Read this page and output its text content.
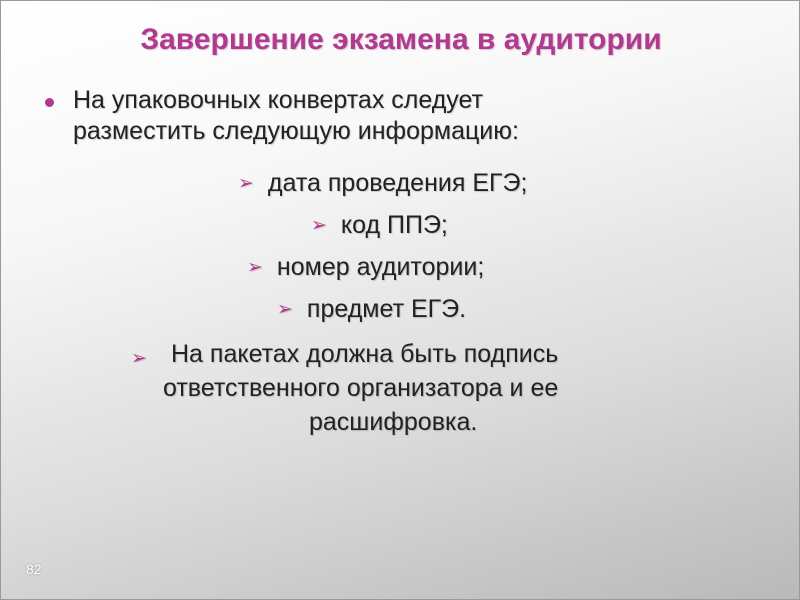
Завершение экзамена в аудитории
На упаковочных конвертах следует
разместить следующую информацию:
➢ дата проведения ЕГЭ;
➢ код ППЭ;
➢ номер аудитории;
➢ предмет ЕГЭ.
➢ На пакетах должна быть подпись
ответственного организатора и ее
расшифровка.
82
